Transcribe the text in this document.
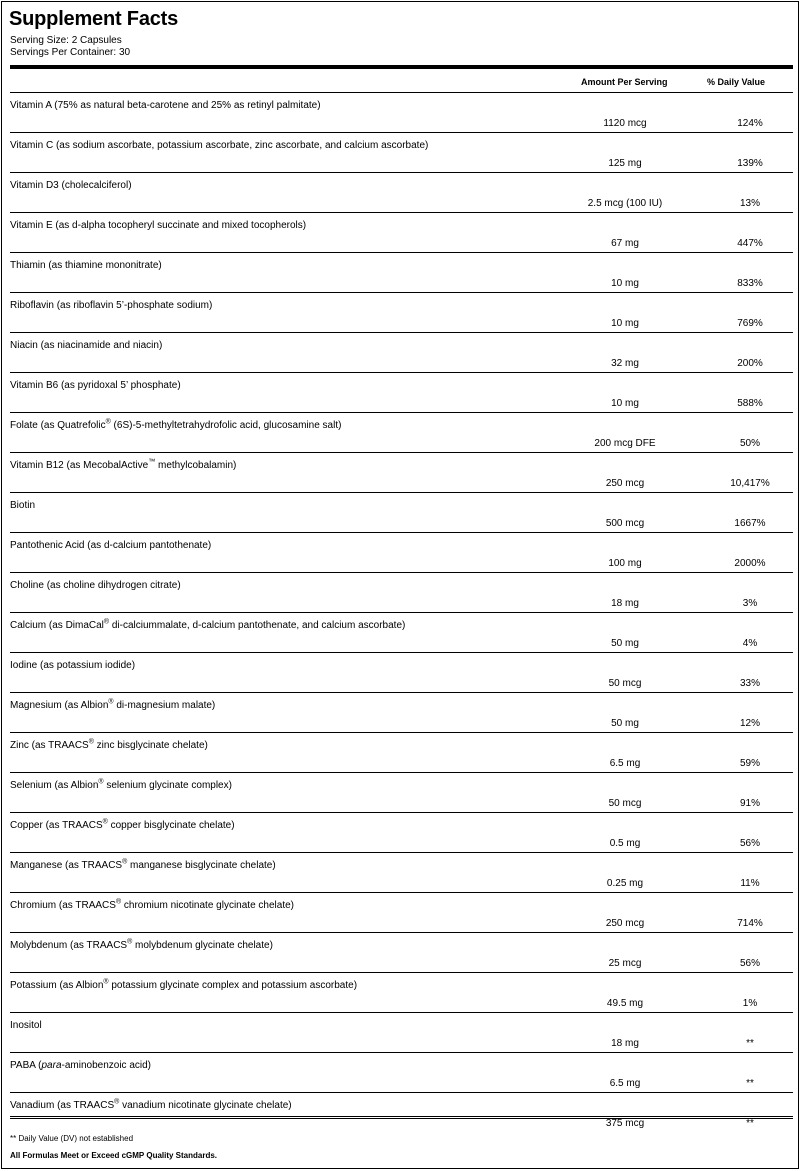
Supplement Facts
Serving Size: 2 Capsules
Servings Per Container: 30
Amount Per Serving	% Daily Value
Vitamin A (75% as natural beta-carotene and 25% as retinyl palmitate)
1120 mcg	124%
Vitamin C (as sodium ascorbate, potassium ascorbate, zinc ascorbate, and calcium ascorbate)
125 mg	139%
Vitamin D3 (cholecalciferol)
2.5 mcg (100 IU)	13%
Vitamin E (as d-alpha tocopheryl succinate and mixed tocopherols)
67 mg	447%
Thiamin (as thiamine mononitrate)
10 mg	833%
Riboflavin (as riboflavin 5’-phosphate sodium)
10 mg	769%
Niacin (as niacinamide and niacin)
32 mg	200%
Vitamin B6 (as pyridoxal 5’ phosphate)
10 mg	588%
Folate (as Quatrefolic® (6S)-5-methyltetrahydrofolic acid, glucosamine salt)
200 mcg DFE	50%
Vitamin B12 (as MecobalActive™ methylcobalamin)
250 mcg	10,417%
Biotin
500 mcg	1667%
Pantothenic Acid (as d-calcium pantothenate)
100 mg	2000%
Choline (as choline dihydrogen citrate)
18 mg	3%
Calcium (as DimaCal® di-calciummalate, d-calcium pantothenate, and calcium ascorbate)
50 mg	4%
Iodine (as potassium iodide)
50 mcg	33%
Magnesium (as Albion® di-magnesium malate)
50 mg	12%
Zinc (as TRAACS® zinc bisglycinate chelate)
6.5 mg	59%
Selenium (as Albion® selenium glycinate complex)
50 mcg	91%
Copper (as TRAACS® copper bisglycinate chelate)
0.5 mg	56%
Manganese (as TRAACS® manganese bisglycinate chelate)
0.25 mg	11%
Chromium (as TRAACS® chromium nicotinate glycinate chelate)
250 mcg	714%
Molybdenum (as TRAACS® molybdenum glycinate chelate)
25 mcg	56%
Potassium (as Albion® potassium glycinate complex and potassium ascorbate)
49.5 mg	1%
Inositol
18 mg	**
PABA (para-aminobenzoic acid)
6.5 mg	**
Vanadium (as TRAACS® vanadium nicotinate glycinate chelate)
375 mcg	**
** Daily Value (DV) not established
All Formulas Meet or Exceed cGMP Quality Standards.
